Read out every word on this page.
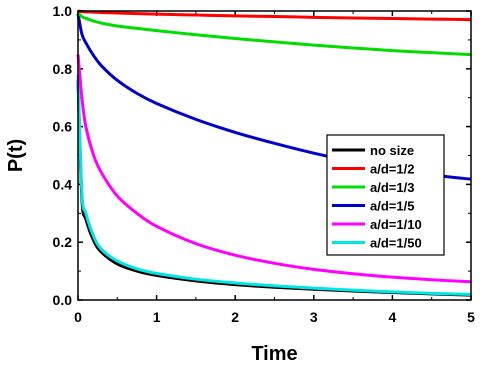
0	1	2	3	4	5
0.0
0.2
0.4
0.6
0.8
1.0
Time
P(t)	no size
a/d=1/2
a/d=1/3
a/d=1/5
a/d=1/10
a/d=1/50
